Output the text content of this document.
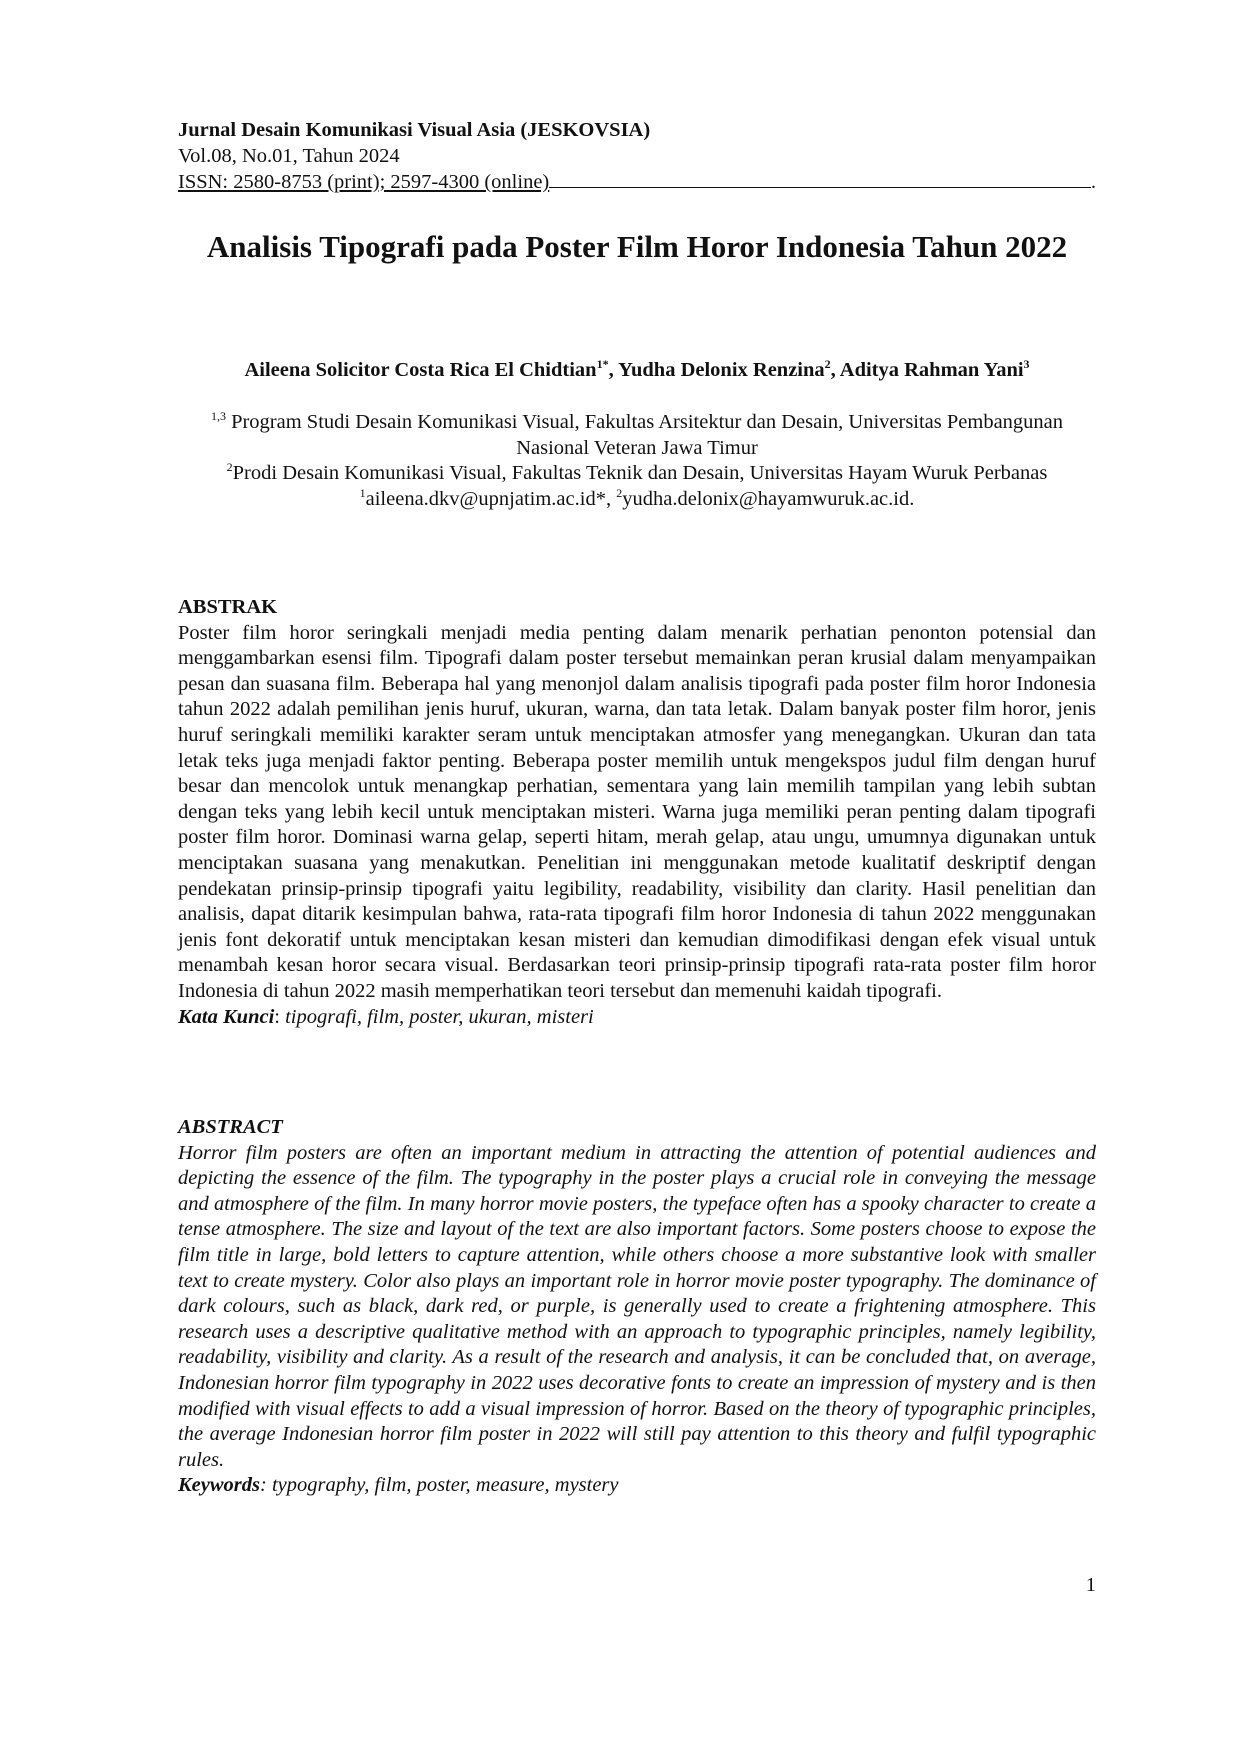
Jurnal Desain Komunikasi Visual Asia (JESKOVSIA)
Vol.08, No.01, Tahun 2024
ISSN: 2580-8753 (print); 2597-4300 (online)	.
Analisis Tipografi pada Poster Film Horor Indonesia Tahun 2022
Aileena Solicitor Costa Rica El Chidtian$^{1*}$, Yudha Delonix Renzina$^2$, Aditya Rahman Yani$^3$

$^{1,3}$ Program Studi Desain Komunikasi Visual, Fakultas Arsitektur dan Desain, Universitas Pembangunan Nasional Veteran Jawa Timur

$^2$Prodi Desain Komunikasi Visual, Fakultas Teknik dan Desain, Universitas Hayam Wuruk Perbanas

$^1$aileena.dkv@upnjatim.ac.id*, $^2$yudha.delonix@hayamwuruk.ac.id.

ABSTRAK

Poster film horor seringkali menjadi media penting dalam menarik perhatian penonton potensial dan menggambarkan esensi film. Tipografi dalam poster tersebut memainkan peran krusial dalam menyampaikan pesan dan suasana film. Beberapa hal yang menonjol dalam analisis tipografi pada poster film horor Indonesia tahun 2022 adalah pemilihan jenis huruf, ukuran, warna, dan tata letak. Dalam banyak poster film horor, jenis huruf seringkali memiliki karakter seram untuk menciptakan atmosfer yang menegangkan. Ukuran dan tata letak teks juga menjadi faktor penting. Beberapa poster memilih untuk mengekspos judul film dengan huruf besar dan mencolok untuk menangkap perhatian, sementara yang lain memilih tampilan yang lebih subtan dengan teks yang lebih kecil untuk menciptakan misteri. Warna juga memiliki peran penting dalam tipografi poster film horor. Dominasi warna gelap, seperti hitam, merah gelap, atau ungu, umumnya digunakan untuk menciptakan suasana yang menakutkan. Penelitian ini menggunakan metode kualitatif deskriptif dengan pendekatan prinsip-prinsip tipografi yaitu legibility, readability, visibility dan clarity. Hasil penelitian dan analisis, dapat ditarik kesimpulan bahwa, rata-rata tipografi film horor Indonesia di tahun 2022 menggunakan jenis font dekoratif untuk menciptakan kesan misteri dan kemudian dimodifikasi dengan efek visual untuk menambah kesan horor secara visual. Berdasarkan teori prinsip-prinsip tipografi rata-rata poster film horor Indonesia di tahun 2022 masih memperhatikan teori tersebut dan memenuhi kaidah tipografi.

Kata Kunci: tipografi, film, poster, ukuran, misteri

ABSTRACT

Horror film posters are often an important medium in attracting the attention of potential audiences and depicting the essence of the film. The typography in the poster plays a crucial role in conveying the message and atmosphere of the film. In many horror movie posters, the typeface often has a spooky character to create a tense atmosphere. The size and layout of the text are also important factors. Some posters choose to expose the film title in large, bold letters to capture attention, while others choose a more substantive look with smaller text to create mystery. Color also plays an important role in horror movie poster typography. The dominance of dark colours, such as black, dark red, or purple, is generally used to create a frightening atmosphere. This research uses a descriptive qualitative method with an approach to typographic principles, namely legibility, readability, visibility and clarity. As a result of the research and analysis, it can be concluded that, on average, Indonesian horror film typography in 2022 uses decorative fonts to create an impression of mystery and is then modified with visual effects to add a visual impression of horror. Based on the theory of typographic principles, the average Indonesian horror film poster in 2022 will still pay attention to this theory and fulfil typographic rules.

Keywords: typography, film, poster, measure, mystery

1
